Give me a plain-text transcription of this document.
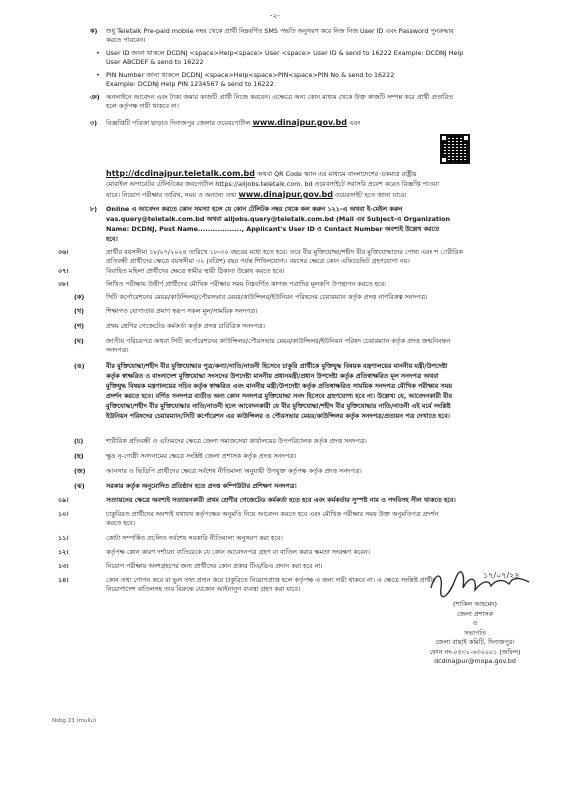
-২-
ক) শুধু Teletalk Pre-paid mobile নম্বর থেকে প্রার্থী নিম্নবর্ণিত SMS পদ্ধতি অনুসরণ করে নিজ নিজ User ID এবং Password পুনরুদ্ধার
করতে পারবেন।
• User ID জানা থাকলে DCDNJ <space>Help<space> User <space> User ID & send to 16222 Example: DCDNJ Help
User ABCDEF & send to 16222
• PIN Number জানা থাকলে DCDNJ <space>Help<space>PIN<space>PIN No & send to 16222
Example: DCDNJ Help PIN 1234567 & send to 16222
ঞ) অনলাইনে আবেদন এবং টাকা জমার কাজটি প্রার্থী নিজে করবেন। এক্ষেত্রে অন্য কোন মাধ্যম থেকে উক্ত কাজটি সম্পন্ন করে প্রার্থী প্রতারিত
হলে কর্তৃপক্ষ দায়ী থাকবে না।
৩) বিজ্ঞপ্তিটি পত্রিকা ছাড়াও দিনাজপুর জেলার ওয়েবপোর্টাল www.dinajpur.gov.bd এবং
http://dcdinajpur.teletalk.com.bd অথবা QR Code স্ক্যান এর মাধ্যমে বাংলাদেশের একমাত্র রাষ্ট্রীয়
মোবাইল অপারেটর টেলিটকের জবপোর্টাল https://alljobs.teletalk.com. bd ওয়েবসাইটে সরাসরি প্রবেশ করেও বিজ্ঞপ্তি পাওয়া
যাবে। নিয়োগ পরীক্ষার তারিখ, সময় ও অন্যান্য তথ্য www.dinajpur.gov.bd ওয়েবসাইট হতে জানা যাবে।
৮) Online এ আবেদন করতে কোন সমস্যা হলে যে কোন টেলিটক নম্বর থেকে কল করুন ১২১-এ অথবা ই-মেইল করুন
vas.query@teletalk.com.bd অথবা alljobs.query@teletalk.com.bd (Mail এর Subject-এ Organization
Name: DCDNJ, Post Name.................., Applicant's User ID ও Contact Number অবশ্যই উল্লেখ করতে
হবে।
০৬।	প্রার্থীর বয়সসীমা ১৮/০৭/২০২৪ তারিখে ১৮-৩০ বছরের মধ্যে হতে হবে। তবে বীর মুক্তিযোদ্ধা/শহীদ বীর মুক্তিযোদ্ধাদের পোষ্য এবং শ ারীরিক
প্রতিবন্ধী প্রার্থীদের ক্ষেত্রে বয়সসীমা ৩২ (বত্রিশ) বছর পর্যন্ত শিথিলযোগ্য। বয়সের ক্ষেত্রে কোন এফিডেভিট গ্রহণযোগ্য নয়।
০৭।	বিবাহিত মহিলা প্রার্থীদের ক্ষেত্রে স্বামীর স্থায়ী ঠিকানা উল্লেখ করতে হবে।
০৮।	লিখিত পরীক্ষায় উত্তীর্ণ প্রার্থীদের মৌখিক পরীক্ষার সময় নিম্নবর্ণিত কাগজ পত্রাদির মূলকপি উপস্থাপন করতে হবে:
(ক)	সিটি কর্পোরেশনের মেয়র/কাউন্সিলর/পৌরসভার মেয়র/কাউন্সিলর/ইউনিয়ন পরিষদের চেয়ারম্যান কর্তৃক প্রদত্ত নাগরিকত্ব সনদপত্র।
(খ)	শিক্ষাগত যোগ্যতার প্রমাণ স্বরূপ সকল মূল/সাময়িক সনদপত্র।
(গ)	প্রথম শ্রেণির গেজেটেড কর্মকর্তা কর্তৃক প্রদত্ত চারিত্রিক সনদপত্র।
(ঘ)	জাতীয় পরিচয়পত্র অথবা সিটি কর্পোরেশনের কাউন্সিলর/পৌরসভার মেয়র/কাউন্সিলর/ইউনিয়ন পরিষদ চেয়ারম্যান কর্তৃক প্রদত্ত জন্মনিবন্ধন
সনদপত্র।
(ঙ)	বীর মুক্তিযোদ্ধা/শহীদ বীর মুক্তিযোদ্ধার পুত্র/কন্যা/নাতি/নাতনী হিসেবে চাকুরি প্রার্থীকে মুক্তিযুদ্ধ বিষয়ক মন্ত্রণালয়ের মাননীয় মন্ত্রী/উপদেষ্টা
কর্তৃক স্বাক্ষরিত ও বাংলাদেশ মুক্তিযোদ্ধা সংসদের উপদেষ্টা মাননীয় প্রধানমন্ত্রী/প্রধান উপদেষ্টা কর্তৃক প্রতিস্বাক্ষরিত মূল সনদপত্র অথবা
মুক্তিযুদ্ধ বিষয়ক মন্ত্রণালয়ের সচিব কর্তৃক স্বাক্ষরিত এবং মাননীয় মন্ত্রী/উপদেষ্টা কর্তৃক প্রতিস্বাক্ষরিত সাময়িক সনদপত্র মৌখিক পরীক্ষার সময়
প্রদর্শন করতে হবে। বর্ণিত সনদপত্র ব্যতীত অন্য কোন সনদপত্র মুক্তিযোদ্ধা সনদ হিসেবে গ্রহণযোগ্য হবে না। উল্লেখ্য যে, আবেদনকারী বীর
মুক্তিযোদ্ধা/শহীদ বীর মুক্তিযোদ্ধার নাতি/নাতনী হলে আবেদনকারী যে বীর মুক্তিযোদ্ধা/শহীদ বীর মুক্তিযোদ্ধার নাতি/নাতনী এই মর্মে সংশ্লিষ্ট
ইউনিয়ন পরিষদের চেয়ারম্যান/সিটি কর্পোরেশন এর কাউন্সিলর ও পৌরসভার মেয়র/কাউন্সিলর কর্তৃক সনদপত্র/প্রত্যয়ন পত্র দেখাতে হবে।
(চ)	শারীরিক প্রতিবন্ধী ও এতিমদের ক্ষেত্রে জেলা সমাজসেবা কার্যালয়ের উপপরিচালক কর্তৃক প্রদত্ত সনদপত্র।
(ছ)	ক্ষুদ্র নৃ-গোষ্ঠী সনদনামের ক্ষেত্রে সংশ্লিষ্ট জেলা প্রশাসক কর্তৃক প্রদত্ত সনদপত্র।
(জ)	আনসার ও ভিডিপি প্রার্থীদের ক্ষেত্রে সর্বশেষ নীতিমালা অনুযায়ী উপযুক্ত কর্তৃপক্ষ কর্তৃক প্রদত্ত সনদপত্র।
(ঝ)	সরকার কর্তৃক অনুমোদিত প্রতিষ্ঠান হতে প্রদত্ত কম্পিউটার প্রশিক্ষণ সনদপত্র।
০৯।	সত্যায়নের ক্ষেত্রে অবশ্যই সত্যায়নকারী প্রথম শ্রেণীর গেজেটেড কর্মকর্তা হতে হবে এবং কর্মকর্তার সুস্পষ্ট নাম ও পদবিসহ সীল থাকতে হবে।
১০।	চাকুরিরত প্রার্থীদের অবশ্যই যথাযথ কর্তৃপক্ষের অনুমতি নিয়ে আবেদন করতে হবে এবং মৌখিক পরীক্ষার সময় উক্ত অনুমতিপত্র প্রদর্শন
করতে হবে।
১১।	কোটা সম্পর্কিত প্রচলিত সর্বশেষ সরকারি নীতিমালা অনুসরণ করা হবে।
১২।	কর্তৃপক্ষ কোন কারণ দর্শানো ব্যতিরেকে যে কোন আবেদনপত্র গ্রহণ বা বাতিল করার ক্ষমতা সংরক্ষণ করেন।
১৩।	নিয়োগ পরীক্ষায় অংশগ্রহণের জন্য প্রার্থীদের কোন প্রকার টিএ/ডিএ প্রদান করা হবে না।
১৪।	কোন তথ্য গোপন করে বা ভুল তথ্য প্রদান করে চাকুরিতে নিয়োগপ্রাপ্ত হলে কর্তৃপক্ষ এ জন্য দায়ী থাকবে না। এ ক্ষেত্রে সংশ্লিষ্ট প্রার্থীর
নিয়োগাদেশ বাতিলসহ তার বিরুদ্ধে যেকোন আইনানুগ ব্যবস্থা গ্রহণ করা যাবে।
১৭/০৭/২৪
(শাকিল আহমেদ)
জেলা প্রশাসক
ও
সভাপতি
জেলা বাছাই কমিটি, দিনাজপুর।
ফোন নং-০৫৩১-৬৩২০০১ (অফিস)
dcdinajpur@mopa.gov.bd
Nsbg 23 (mullu)
